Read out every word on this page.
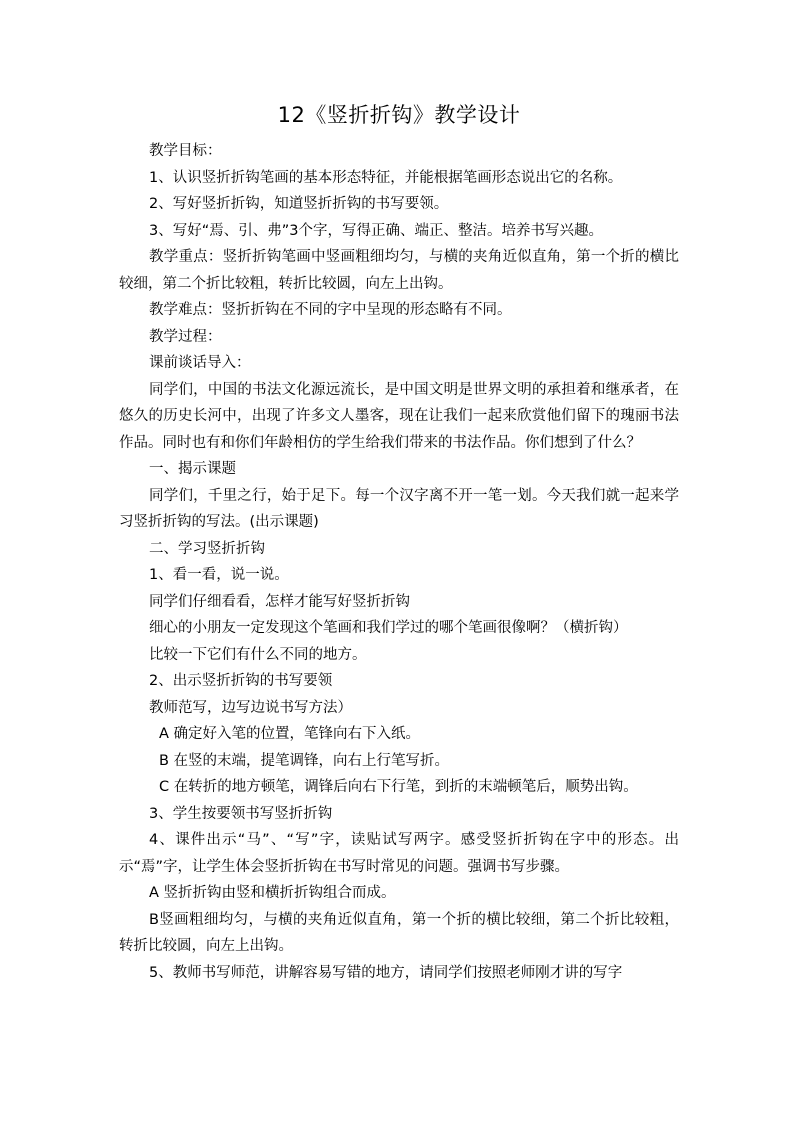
12《竖折折钩》教学设计

教学目标：

1、认识竖折折钩笔画的基本形态特征，并能根据笔画形态说出它的名称。

2、写好竖折折钩，知道竖折折钩的书写要领。

3、写好“焉、引、弗”3个字，写得正确、端正、整洁。培养书写兴趣。

教学重点：竖折折钩笔画中竖画粗细均匀，与横的夹角近似直角，第一个折的横比较细，第二个折比较粗，转折比较圆，向左上出钩。

教学难点：竖折折钩在不同的字中呈现的形态略有不同。

教学过程：

课前谈话导入：

同学们，中国的书法文化源远流长，是中国文明是世界文明的承担着和继承者，在悠久的历史长河中，出现了许多文人墨客，现在让我们一起来欣赏他们留下的瑰丽书法作品。同时也有和你们年龄相仿的学生给我们带来的书法作品。你们想到了什么？

一、揭示课题

同学们，千里之行，始于足下。每一个汉字离不开一笔一划。今天我们就一起来学习竖折折钩的写法。(出示课题)

二、学习竖折折钩

1、看一看，说一说。

同学们仔细看看，怎样才能写好竖折折钩

细心的小朋友一定发现这个笔画和我们学过的哪个笔画很像啊？（横折钩）

比较一下它们有什么不同的地方。

2、出示竖折折钩的书写要领

教师范写，边写边说书写方法）

A 确定好入笔的位置，笔锋向右下入纸。

B 在竖的末端，提笔调锋，向右上行笔写折。

C 在转折的地方顿笔，调锋后向右下行笔，到折的末端顿笔后，顺势出钩。

3、学生按要领书写竖折折钩

4、课件出示“马”、“写”字，读贴试写两字。感受竖折折钩在字中的形态。出示“焉”字，让学生体会竖折折钩在书写时常见的问题。强调书写步骤。

A 竖折折钩由竖和横折折钩组合而成。

B竖画粗细均匀，与横的夹角近似直角，第一个折的横比较细，第二个折比较粗，转折比较圆，向左上出钩。

5、教师书写师范，讲解容易写错的地方，请同学们按照老师刚才讲的写字
